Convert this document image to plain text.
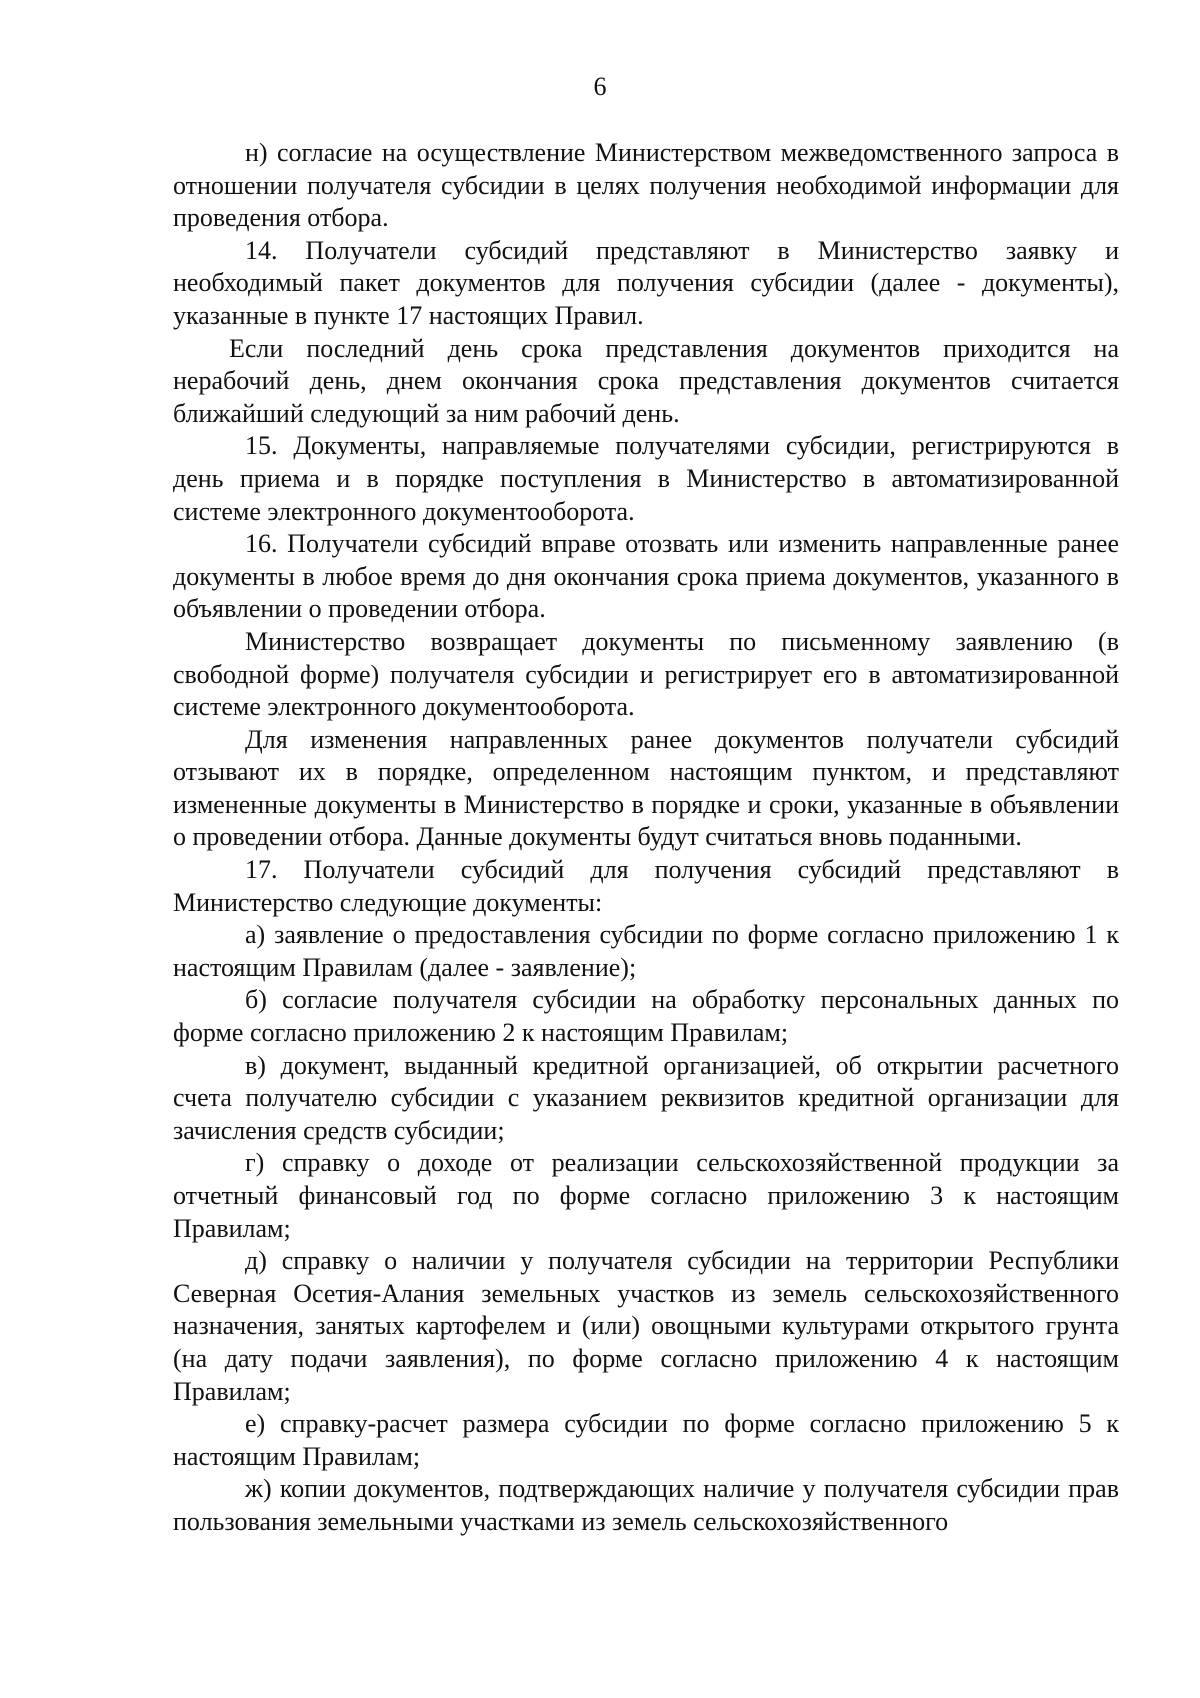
6

н) согласие на осуществление Министерством межведомственного запроса в отношении получателя субсидии в целях получения необходимой информации для проведения отбора.

14. Получатели субсидий представляют в Министерство заявку и необходимый пакет документов для получения субсидии (далее - документы), указанные в пункте 17 настоящих Правил.

Если последний день срока представления документов приходится на нерабочий день, днем окончания срока представления документов считается ближайший следующий за ним рабочий день.

15. Документы, направляемые получателями субсидии, регистрируются в день приема и в порядке поступления в Министерство в автоматизированной системе электронного документооборота.

16. Получатели субсидий вправе отозвать или изменить направленные ранее документы в любое время до дня окончания срока приема документов, указанного в объявлении о проведении отбора.

Министерство возвращает документы по письменному заявлению (в свободной форме) получателя субсидии и регистрирует его в автоматизированной системе электронного документооборота.

Для изменения направленных ранее документов получатели субсидий отзывают их в порядке, определенном настоящим пунктом, и представляют измененные документы в Министерство в порядке и сроки, указанные в объявлении о проведении отбора. Данные документы будут считаться вновь поданными.

17. Получатели субсидий для получения субсидий представляют в Министерство следующие документы:

а) заявление о предоставления субсидии по форме согласно приложению 1 к настоящим Правилам (далее - заявление);

б) согласие получателя субсидии на обработку персональных данных по форме согласно приложению 2 к настоящим Правилам;

в) документ, выданный кредитной организацией, об открытии расчетного счета получателю субсидии с указанием реквизитов кредитной организации для зачисления средств субсидии;

г) справку о доходе от реализации сельскохозяйственной продукции за отчетный финансовый год по форме согласно приложению 3 к настоящим Правилам;

д) справку о наличии у получателя субсидии на территории Республики Северная Осетия-Алания земельных участков из земель сельскохозяйственного назначения, занятых картофелем и (или) овощными культурами открытого грунта (на дату подачи заявления), по форме согласно приложению 4 к настоящим Правилам;

е) справку-расчет размера субсидии по форме согласно приложению 5 к настоящим Правилам;

ж) копии документов, подтверждающих наличие у получателя субсидии прав пользования земельными участками из земель сельскохозяйственного
